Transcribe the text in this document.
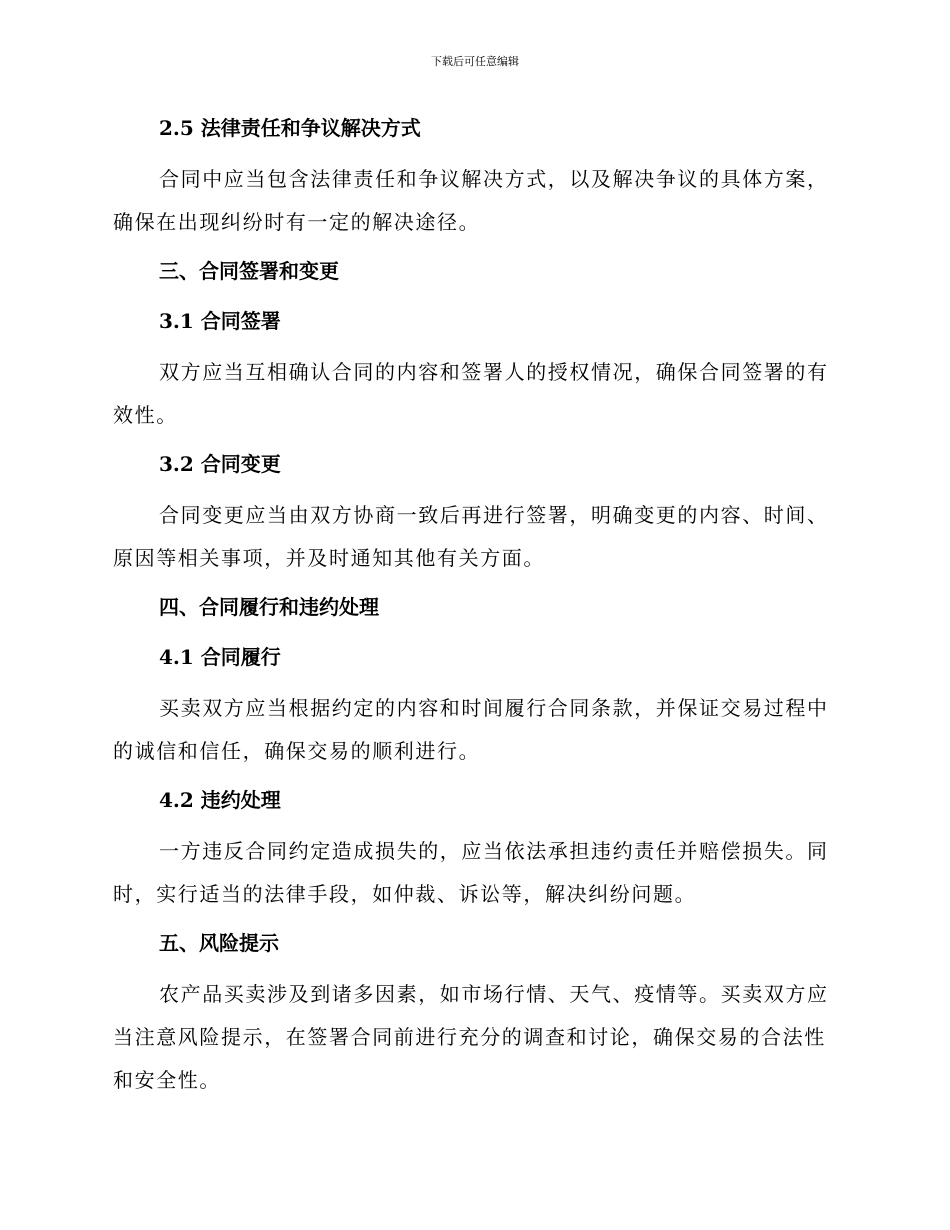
下载后可任意编辑
2.5 法律责任和争议解决方式
合同中应当包含法律责任和争议解决方式，以及解决争议的具体方案，确保在出现纠纷时有一定的解决途径。
三、合同签署和变更
3.1 合同签署
双方应当互相确认合同的内容和签署人的授权情况，确保合同签署的有效性。
3.2 合同变更
合同变更应当由双方协商一致后再进行签署，明确变更的内容、时间、原因等相关事项，并及时通知其他有关方面。
四、合同履行和违约处理
4.1 合同履行
买卖双方应当根据约定的内容和时间履行合同条款，并保证交易过程中的诚信和信任，确保交易的顺利进行。
4.2 违约处理
一方违反合同约定造成损失的，应当依法承担违约责任并赔偿损失。同时，实行适当的法律手段，如仲裁、诉讼等，解决纠纷问题。
五、风险提示
农产品买卖涉及到诸多因素，如市场行情、天气、疫情等。买卖双方应当注意风险提示，在签署合同前进行充分的调查和讨论，确保交易的合法性和安全性。
